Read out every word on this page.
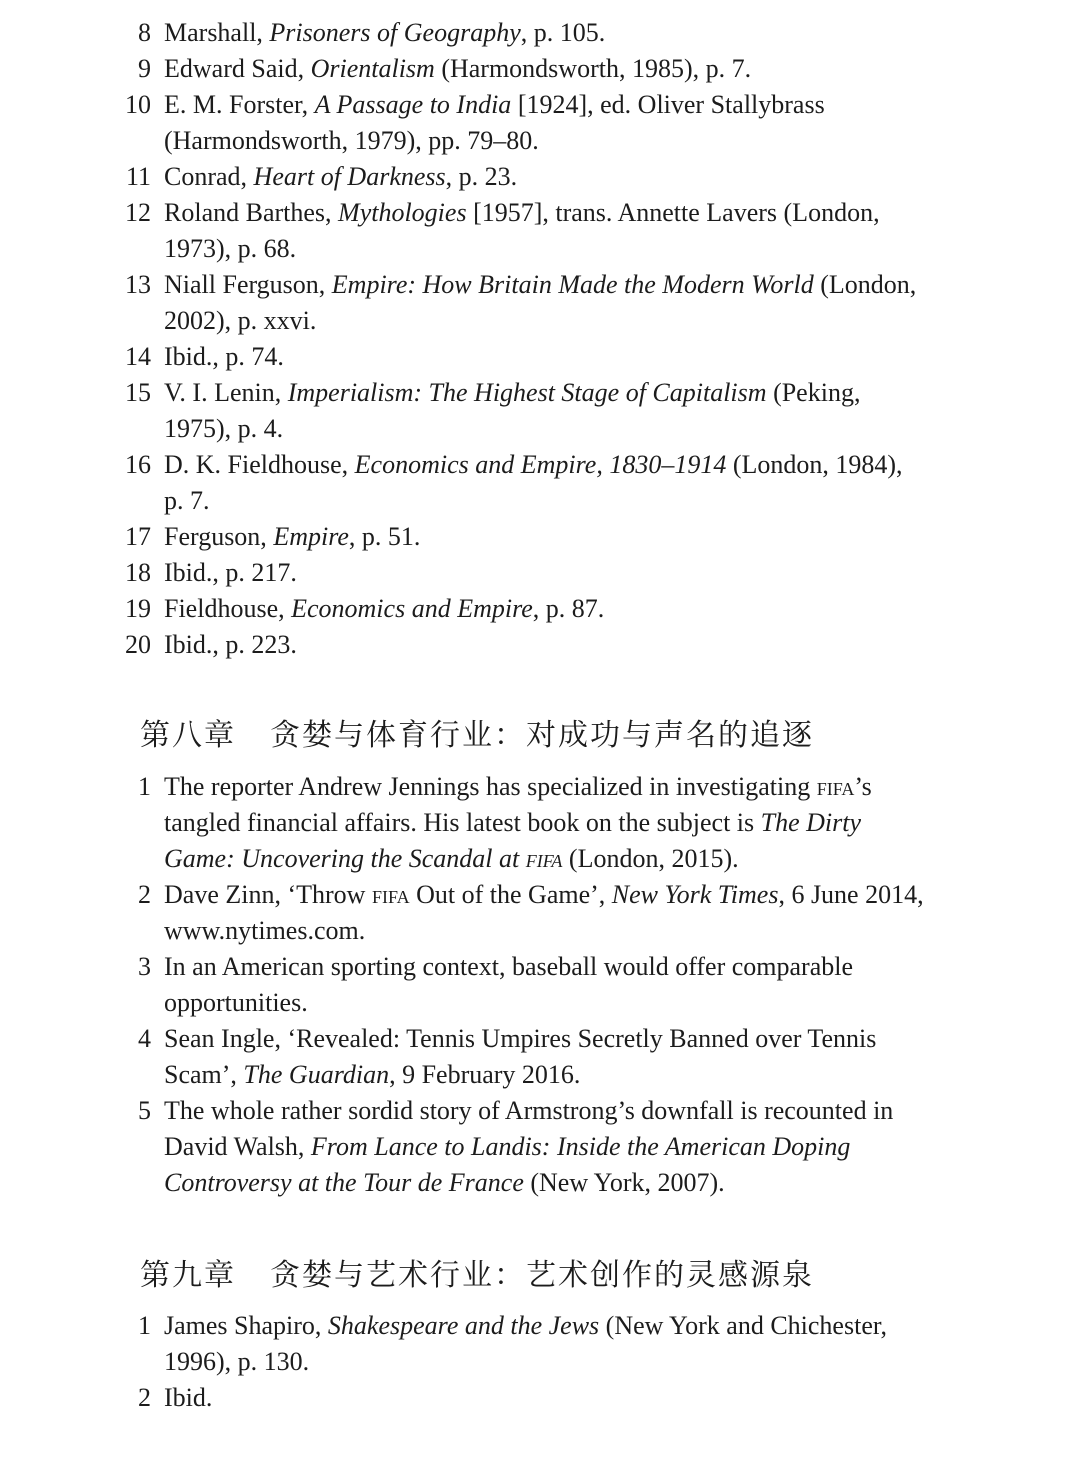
8 Marshall, Prisoners of Geography, p. 105.
9 Edward Said, Orientalism (Harmondsworth, 1985), p. 7.
10 E. M. Forster, A Passage to India [1924], ed. Oliver Stallybrass (Harmondsworth, 1979), pp. 79–80.
11 Conrad, Heart of Darkness, p. 23.
12 Roland Barthes, Mythologies [1957], trans. Annette Lavers (London, 1973), p. 68.
13 Niall Ferguson, Empire: How Britain Made the Modern World (London, 2002), p. xxvi.
14 Ibid., p. 74.
15 V. I. Lenin, Imperialism: The Highest Stage of Capitalism (Peking, 1975), p. 4.
16 D. K. Fieldhouse, Economics and Empire, 1830–1914 (London, 1984), p. 7.
17 Ferguson, Empire, p. 51.
18 Ibid., p. 217.
19 Fieldhouse, Economics and Empire, p. 87.
20 Ibid., p. 223.
第八章 贪婪与体育行业：对成功与声名的追逐
1 The reporter Andrew Jennings has specialized in investigating fifa’s tangled financial affairs. His latest book on the subject is The Dirty Game: Uncovering the Scandal at fifa (London, 2015).
2 Dave Zinn, ‘Throw fifa Out of the Game’, New York Times, 6 June 2014, www.nytimes.com.
3 In an American sporting context, baseball would offer comparable opportunities.
4 Sean Ingle, ‘Revealed: Tennis Umpires Secretly Banned over Tennis Scam’, The Guardian, 9 February 2016.
5 The whole rather sordid story of Armstrong’s downfall is recounted in David Walsh, From Lance to Landis: Inside the American Doping Controversy at the Tour de France (New York, 2007).
第九章 贪婪与艺术行业：艺术创作的灵感源泉
1 James Shapiro, Shakespeare and the Jews (New York and Chichester, 1996), p. 130.
2 Ibid.
